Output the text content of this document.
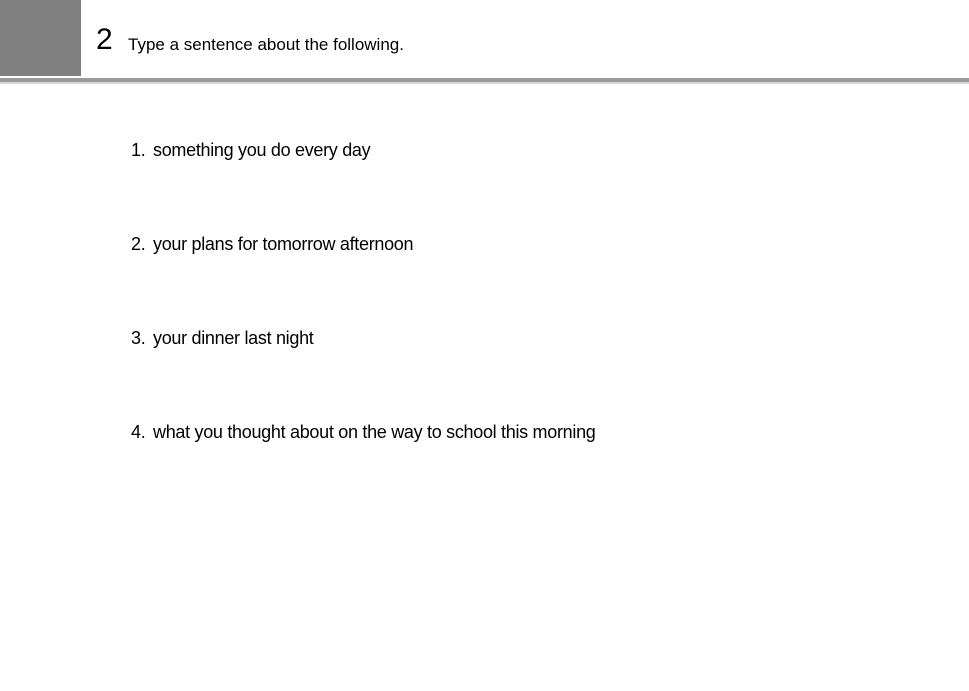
2 Type a sentence about the following.
1. something you do every day
2. your plans for tomorrow afternoon
3. your dinner last night
4. what you thought about on the way to school this morning
